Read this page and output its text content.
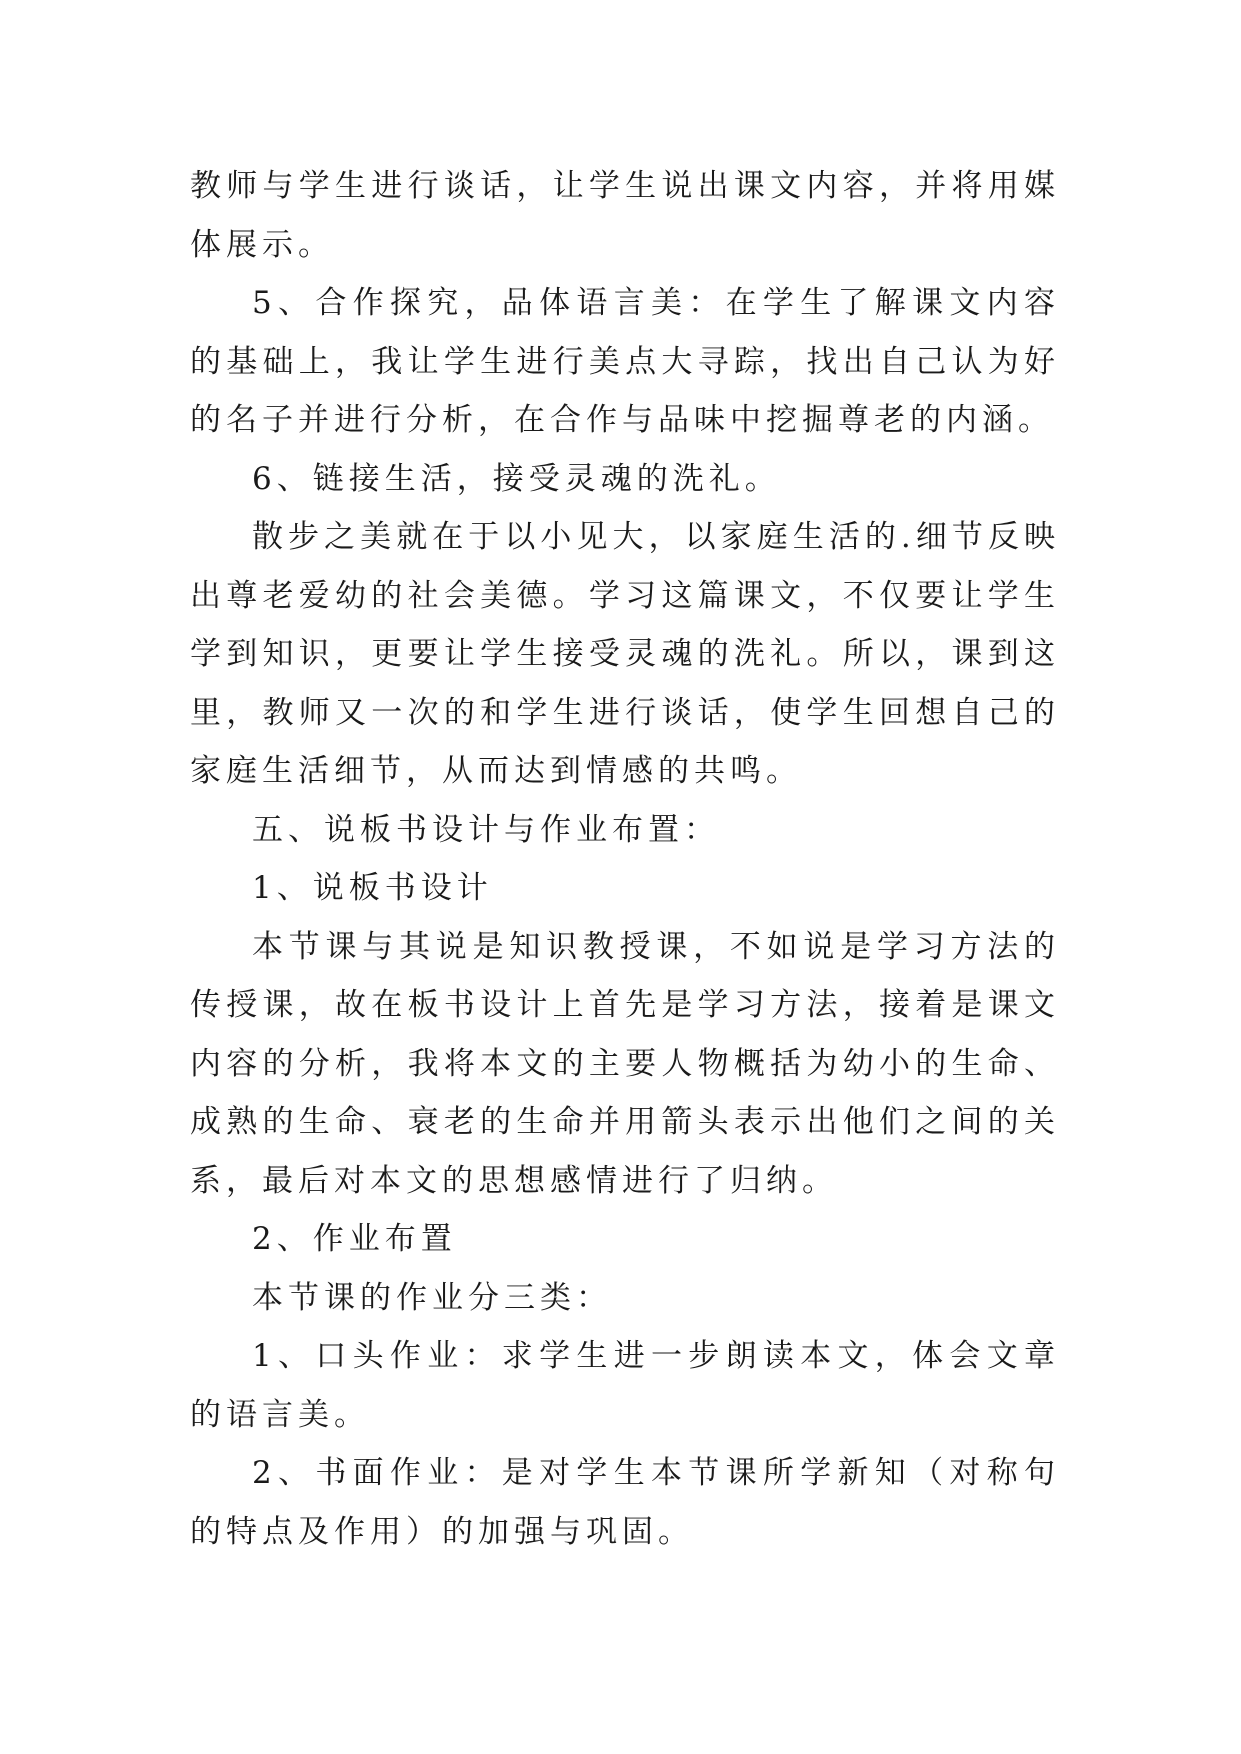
教师与学生进行谈话，让学生说出课文内容，并将用媒体展示。

5、合作探究，品体语言美：在学生了解课文内容的基础上，我让学生进行美点大寻踪，找出自己认为好的名子并进行分析，在合作与品味中挖掘尊老的内涵。

6、链接生活，接受灵魂的洗礼。

散步之美就在于以小见大，以家庭生活的.细节反映出尊老爱幼的社会美德。学习这篇课文，不仅要让学生学到知识，更要让学生接受灵魂的洗礼。所以，课到这里，教师又一次的和学生进行谈话，使学生回想自己的家庭生活细节，从而达到情感的共鸣。

五、说板书设计与作业布置：

1、说板书设计

本节课与其说是知识教授课，不如说是学习方法的传授课，故在板书设计上首先是学习方法，接着是课文内容的分析，我将本文的主要人物概括为幼小的生命、成熟的生命、衰老的生命并用箭头表示出他们之间的关系，最后对本文的思想感情进行了归纳。

2、作业布置

本节课的作业分三类：

1、口头作业：求学生进一步朗读本文，体会文章的语言美。

2、书面作业：是对学生本节课所学新知（对称句的特点及作用）的加强与巩固。
